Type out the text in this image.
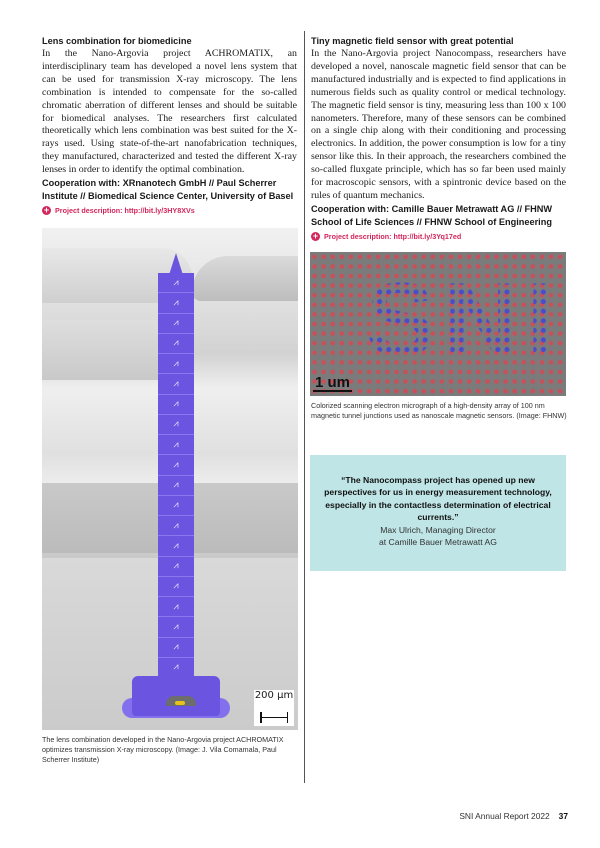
Lens combination for biomedicine

In the Nano-Argovia project ACHROMATIX, an interdisciplinary team has developed a novel lens system that can be used for transmission X-ray microscopy. The lens combination is intended to compensate for the so-called chromatic aberration of different lenses and should be suitable for biomedical analyses. The researchers first calculated theoretically which lens combination was best suited for the X-rays used. Using state-of-the-art nanofabrication techniques, they manufactured, characterized and tested the different X-ray lenses in order to identify the optimal combination.

Cooperation with: XRnanotech GmbH // Paul Scherrer Institute // Biomedical Science Center, University of Basel

+ Project description: http://bit.ly/3HY8XVs
Tiny magnetic field sensor with great potential

In the Nano-Argovia project Nanocompass, researchers have developed a novel, nanoscale magnetic field sensor that can be manufactured industrially and is expected to find applications in numerous fields such as quality control or medical technology. The magnetic field sensor is tiny, measuring less than 100 x 100 nanometers. Therefore, many of these sensors can be combined on a single chip along with their conditioning and processing electronics. In addition, the power consumption is low for a tiny sensor like this. In their approach, the researchers combined the so-called fluxgate principle, which has so far been used mainly for macroscopic sensors, with a spintronic device based on the rules of quantum mechanics.

Cooperation with: Camille Bauer Metrawatt AG // FHNW School of Life Sciences // FHNW School of Engineering

+ Project description: http://bit.ly/3Yq17ed
⩘
⩘
⩘
⩘
⩘
⩘
⩘
⩘
⩘
⩘
⩘
⩘
⩘
⩘
⩘
⩘
⩘
⩘
⩘
⩘
200 µm

The lens combination developed in the Nano-Argovia project ACHROMATIX optimizes transmission X-ray microscopy. (Image: J. Vila Comamala, Paul Scherrer Institute)

SNI
1 um

Colorized scanning electron micrograph of a high-density array of 100 nm magnetic tunnel junctions used as nanoscale magnetic sensors. (Image: FHNW)

“The Nanocompass project has opened up new perspectives for us in energy measurement technology, especially in the contactless determination of electrical currents.”

Max Ulrich, Managing Director

at Camille Bauer Metrawatt AG

SNI Annual Report 2022 37
